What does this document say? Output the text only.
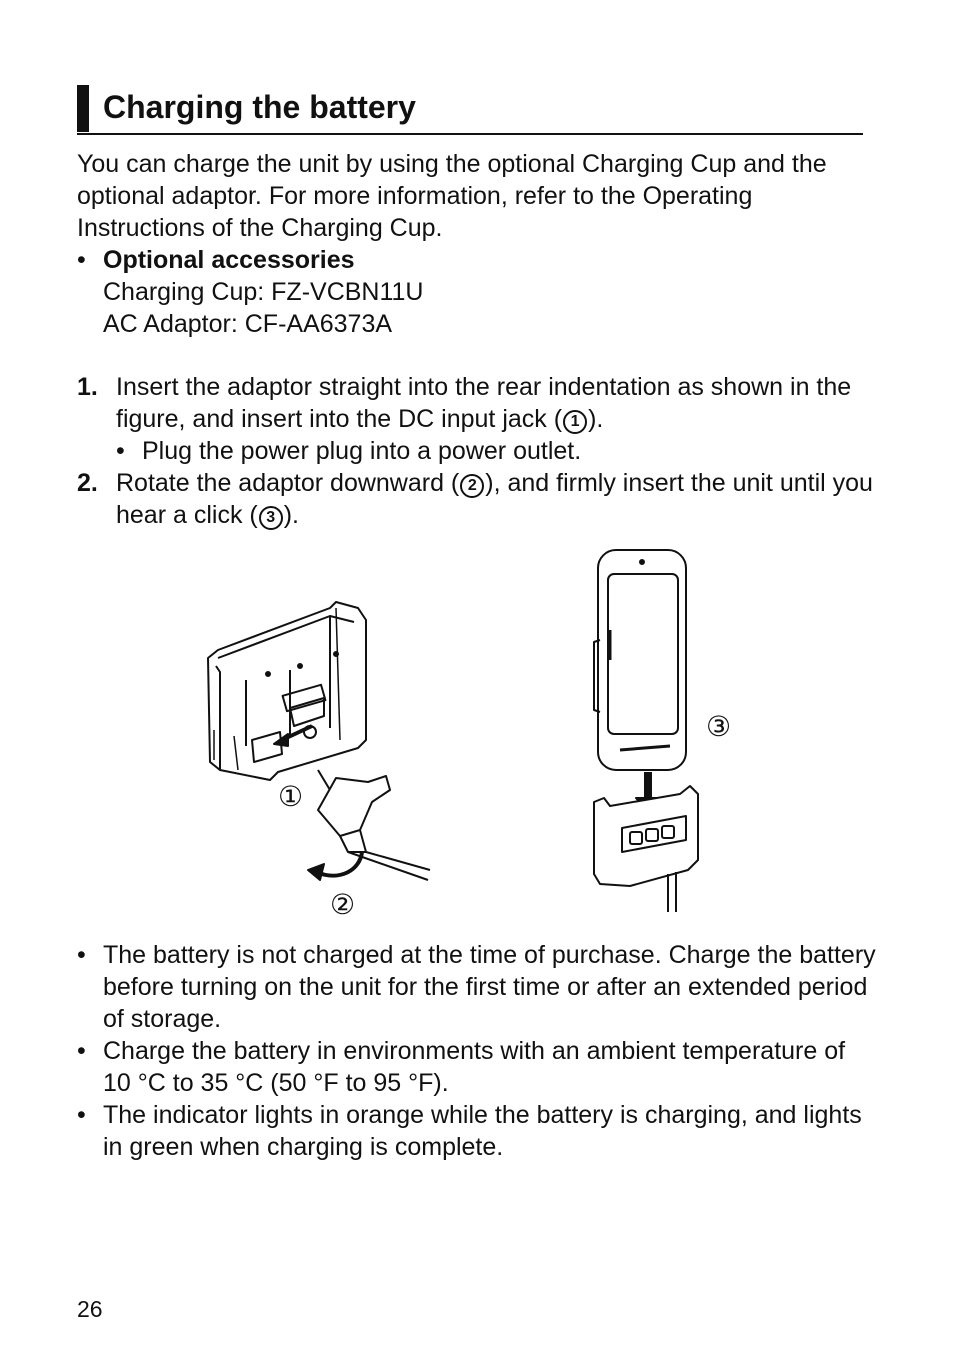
Charging the battery
You can charge the unit by using the optional Charging Cup and the optional adaptor. For more information, refer to the Operating Instructions of the Charging Cup.
• Optional accessories
Charging Cup: FZ-VCBN11U
AC Adaptor: CF-AA6373A
1. Insert the adaptor straight into the rear indentation as shown in the figure, and insert into the DC input jack ( 1 ).
• Plug the power plug into a power outlet.
2. Rotate the adaptor downward ( 2 ), and firmly insert the unit until you hear a click ( 3 ).
①
②
③
• The battery is not charged at the time of purchase. Charge the battery before turning on the unit for the first time or after an extended period of storage.
• Charge the battery in environments with an ambient temperature of 10 °C to 35 °C (50 °F to 95 °F).
• The indicator lights in orange while the battery is charging, and lights in green when charging is complete.
26
